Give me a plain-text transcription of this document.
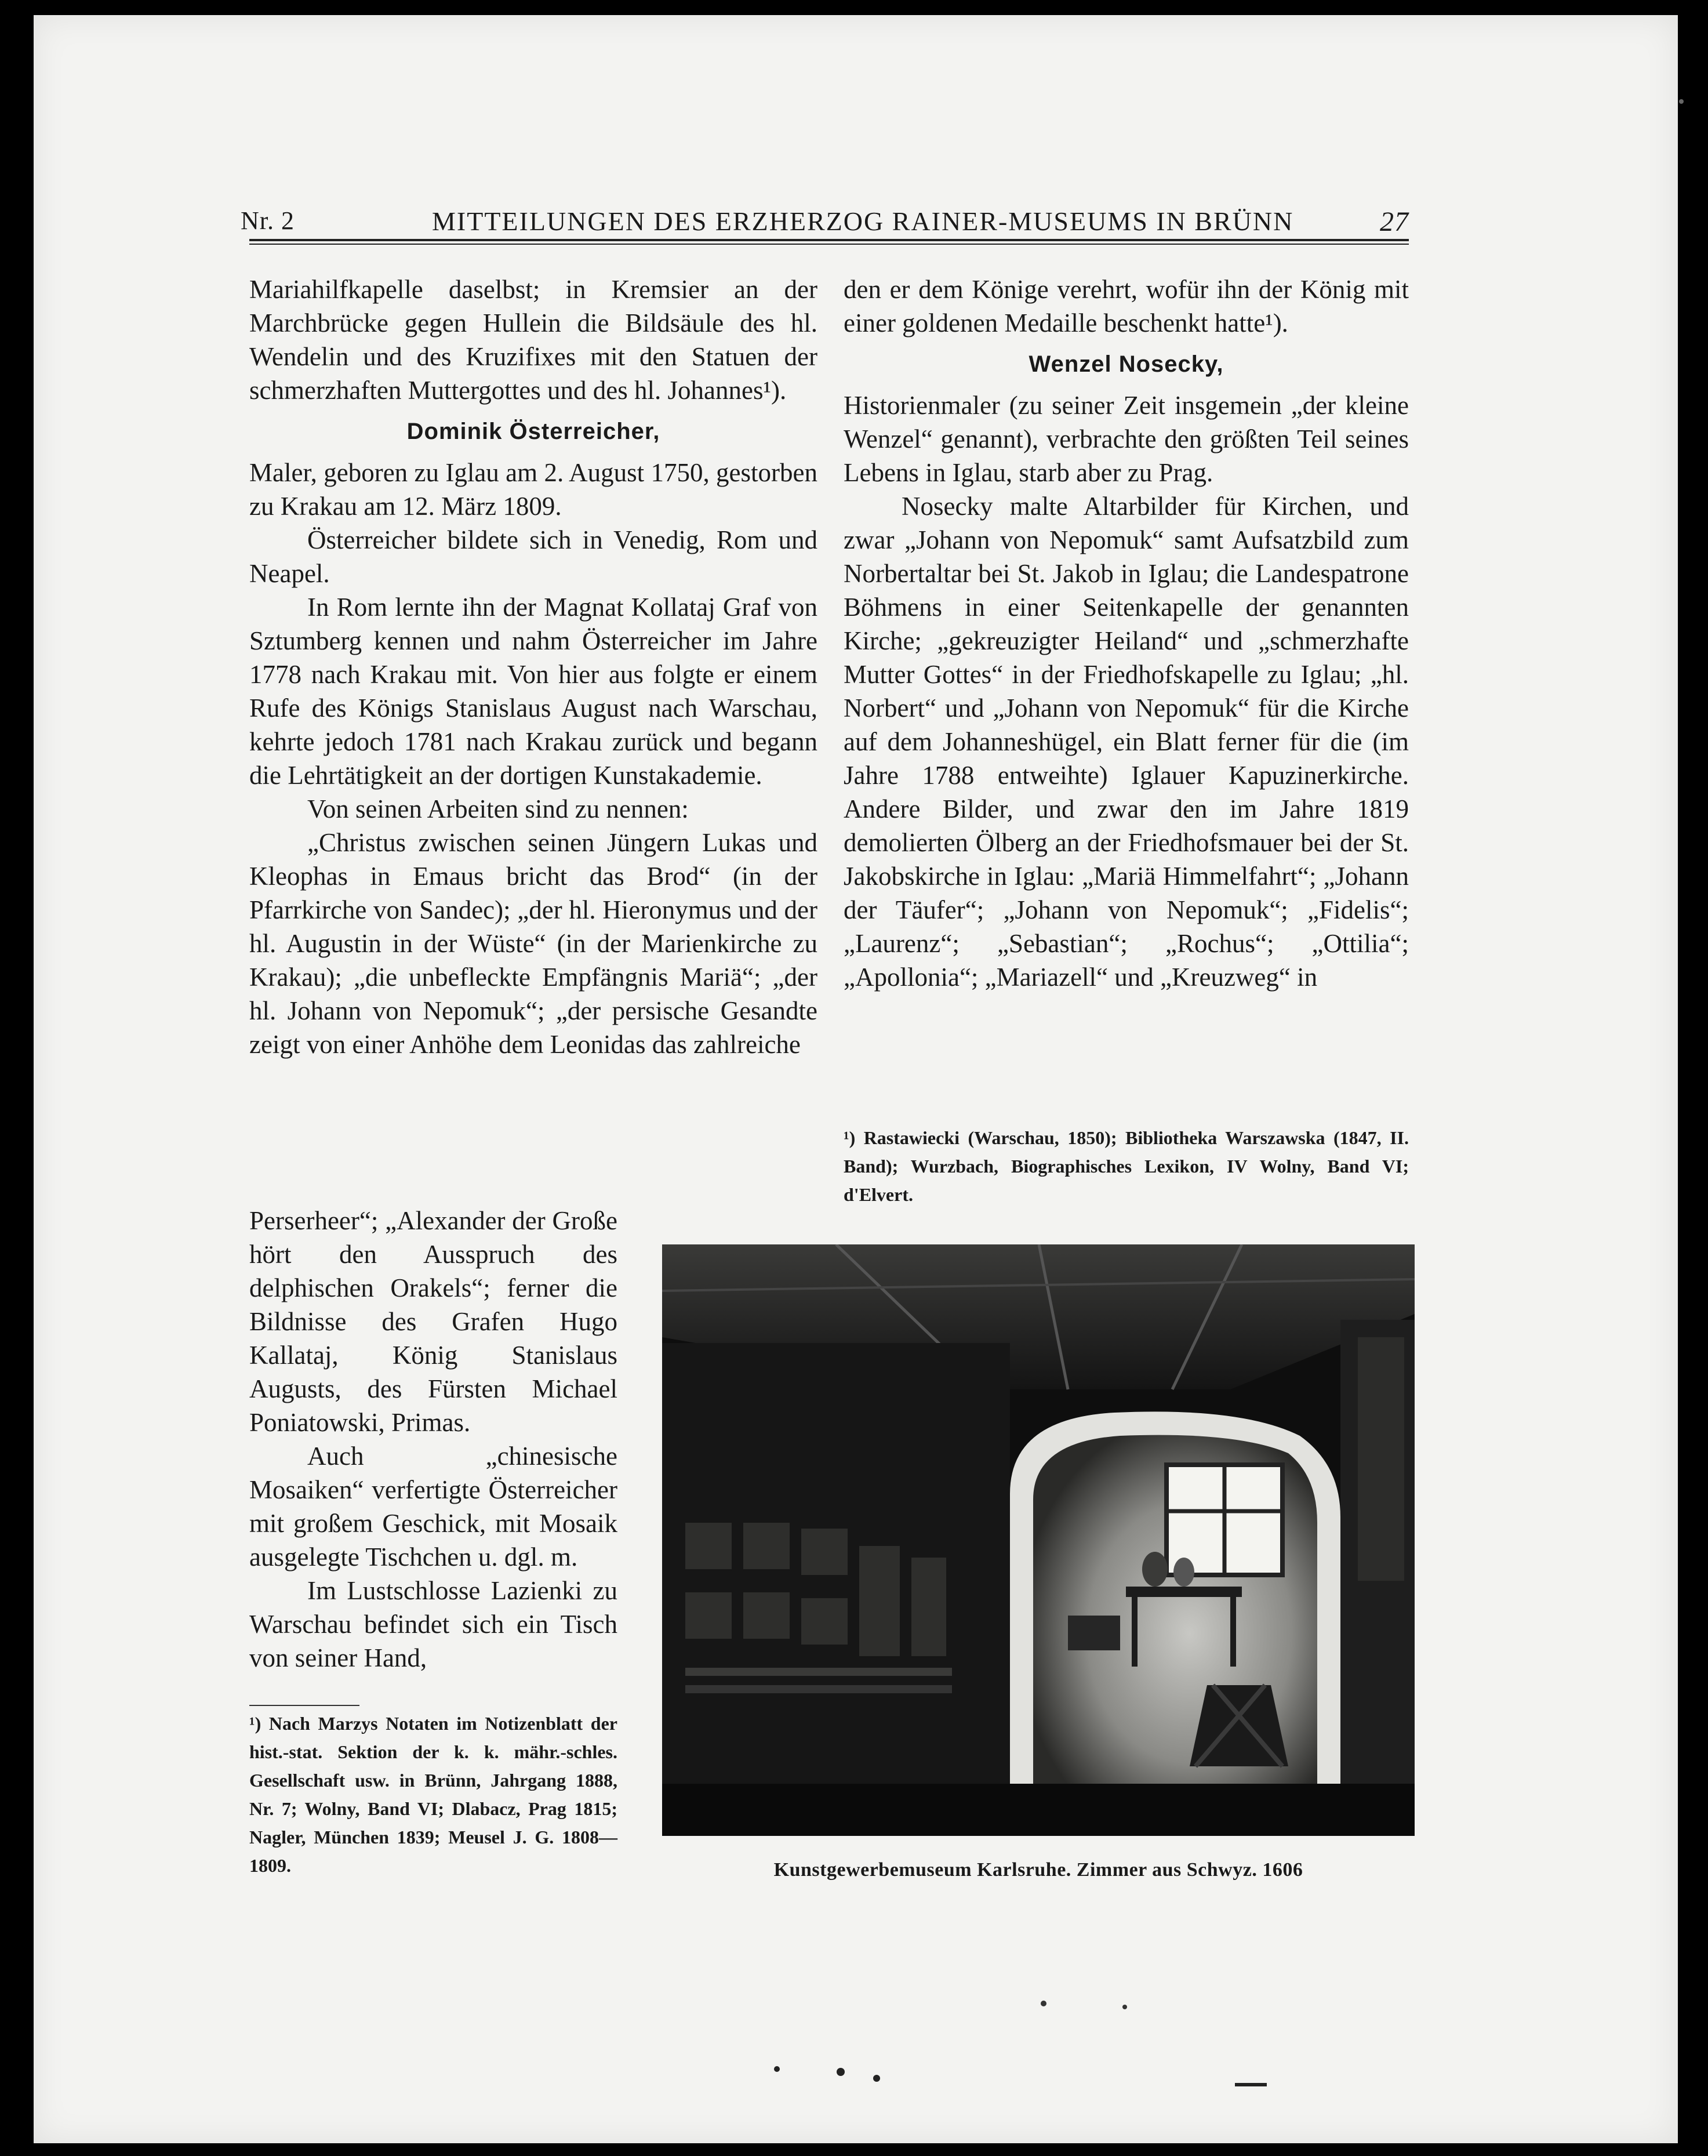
Nr. 2	MITTEILUNGEN DES ERZHERZOG RAINER-MUSEUMS IN BRÜNN	27

Mariahilfkapelle daselbst; in Kremsier an der Marchbrücke gegen Hullein die Bildsäule des hl. Wendelin und des Kruzifixes mit den Statuen der schmerzhaften Muttergottes und des hl. Johannes¹).

Dominik Österreicher,

Maler, geboren zu Iglau am 2. August 1750, gestorben zu Krakau am 12. März 1809.

Österreicher bildete sich in Venedig, Rom und Neapel.

In Rom lernte ihn der Magnat Kollataj Graf von Sztumberg kennen und nahm Österreicher im Jahre 1778 nach Krakau mit. Von hier aus folgte er einem Rufe des Königs Stanislaus August nach Warschau, kehrte jedoch 1781 nach Krakau zurück und begann die Lehrtätigkeit an der dortigen Kunstakademie.

Von seinen Arbeiten sind zu nennen:

„Christus zwischen seinen Jüngern Lukas und Kleophas in Emaus bricht das Brod“ (in der Pfarrkirche von Sandec); „der hl. Hieronymus und der hl. Augustin in der Wüste“ (in der Marienkirche zu Krakau); „die unbefleckte Empfängnis Mariä“; „der hl. Johann von Nepomuk“; „der persische Gesandte zeigt von einer Anhöhe dem Leonidas das zahlreiche

Perserheer“; „Alexander der Große hört den Ausspruch des delphischen Orakels“; ferner die Bildnisse des Grafen Hugo Kallataj, König Stanislaus Augusts, des Fürsten Michael Poniatowski, Primas.

Auch „chinesische Mosaiken“ verfertigte Österreicher mit großem Geschick, mit Mosaik ausgelegte Tischchen u. dgl. m.

Im Lustschlosse Lazienki zu Warschau befindet sich ein Tisch von seiner Hand,

¹) Nach Marzys Notaten im Notizenblatt der hist.-stat. Sektion der k. k. mähr.-schles. Gesellschaft usw. in Brünn, Jahrgang 1888, Nr. 7; Wolny, Band VI; Dlabacz, Prag 1815; Nagler, München 1839; Meusel J. G. 1808—1809.

den er dem Könige verehrt, wofür ihn der König mit einer goldenen Medaille beschenkt hatte¹).

Wenzel Nosecky,

Historienmaler (zu seiner Zeit insgemein „der kleine Wenzel“ genannt), verbrachte den größten Teil seines Lebens in Iglau, starb aber zu Prag.

Nosecky malte Altarbilder für Kirchen, und zwar „Johann von Nepomuk“ samt Aufsatzbild zum Norbertaltar bei St. Jakob in Iglau; die Landespatrone Böhmens in einer Seitenkapelle der genannten Kirche; „gekreuzigter Heiland“ und „schmerzhafte Mutter Gottes“ in der Friedhofskapelle zu Iglau; „hl. Norbert“ und „Johann von Nepomuk“ für die Kirche auf dem Johanneshügel, ein Blatt ferner für die (im Jahre 1788 entweihte) Iglauer Kapuzinerkirche. Andere Bilder, und zwar den im Jahre 1819 demolierten Ölberg an der Friedhofsmauer bei der St. Jakobskirche in Iglau: „Mariä Himmelfahrt“; „Johann der Täufer“; „Johann von Nepomuk“; „Fidelis“; „Laurenz“; „Sebastian“; „Rochus“; „Ottilia“; „Apollonia“; „Mariazell“ und „Kreuzweg“ in

¹) Rastawiecki (Warschau, 1850); Bibliotheka Warszawska (1847, II. Band); Wurzbach, Biographisches Lexikon, IV Wolny, Band VI; d'Elvert.
Kunstgewerbemuseum Karlsruhe. Zimmer aus Schwyz. 1606
